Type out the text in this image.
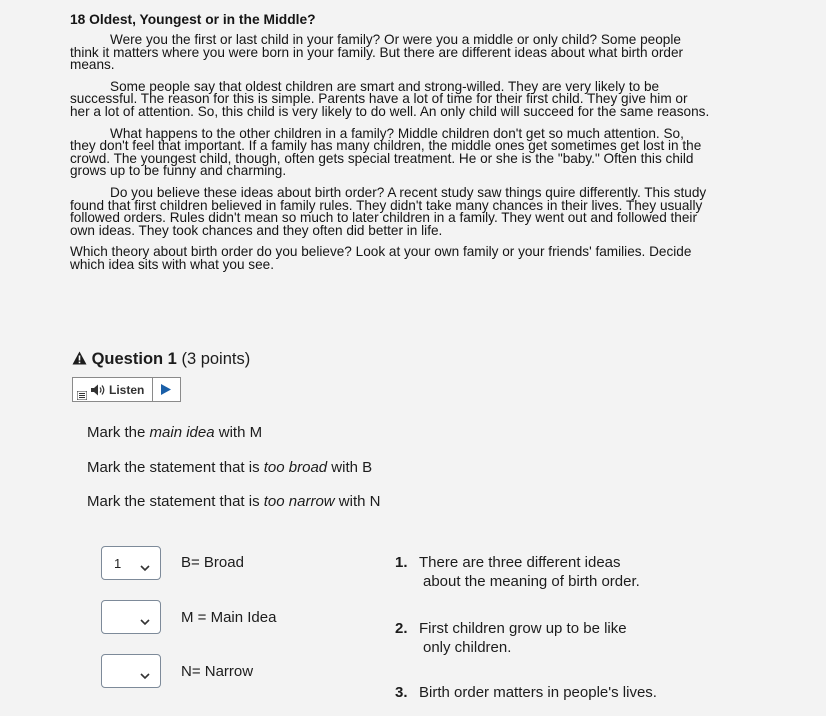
18 Oldest, Youngest or in the Middle?

Were you the first or last child in your family? Or were you a middle or only child? Some people think it matters where you were born in your family. But there are different ideas about what birth order means.

Some people say that oldest children are smart and strong-willed. They are very likely to be successful. The reason for this is simple. Parents have a lot of time for their first child. They give him or her a lot of attention. So, this child is very likely to do well. An only child will succeed for the same reasons.

What happens to the other children in a family? Middle children don't get so much attention. So, they don't feel that important. If a family has many children, the middle ones get sometimes get lost in the crowd. The youngest child, though, often gets special treatment. He or she is the "baby." Often this child grows up to be funny and charming.

Do you believe these ideas about birth order? A recent study saw things quire differently. This study found that first children believed in family rules. They didn't take many chances in their lives. They usually followed orders. Rules didn't mean so much to later children in a family. They went out and followed their own ideas. They took chances and they often did better in life.

Which theory about birth order do you believe? Look at your own family or your friends' families. Decide which idea sits with what you see.

Question 1 (3 points)
Listen
Mark the main idea with M
Mark the statement that is too broad with B
Mark the statement that is too narrow with N
1	B= Broad
M = Main Idea
N= Narrow
1. There are three different ideas
about the meaning of birth order.
2. First children grow up to be like
only children.
3. Birth order matters in people's lives.
